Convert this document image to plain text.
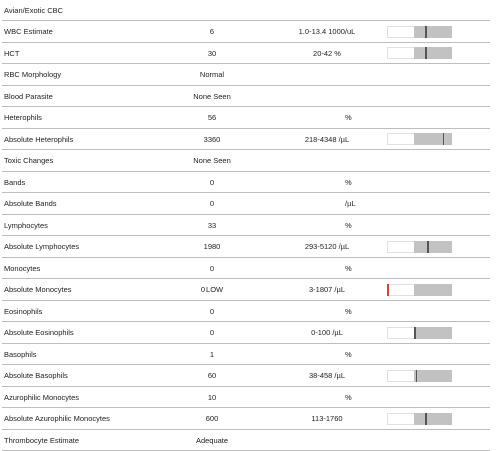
Avian/Exotic CBC
WBC Estimate	6	1.0-13.4 1000/uL
HCT	30	20-42 %
RBC Morphology	Normal
Blood Parasite	None Seen
Heterophils	56	%
Absolute Heterophils	3360	218-4348 /µL
Toxic Changes	None Seen
Bands	0	%
Absolute Bands	0	/µL
Lymphocytes	33	%
Absolute Lymphocytes	1980	293-5120 /µL
Monocytes	0	%
Absolute Monocytes	0 LOW	3-1807 /µL
Eosinophils	0	%
Absolute Eosinophils	0	0-100 /µL
Basophils	1	%
Absolute Basophils	60	38-458 /µL
Azurophilic Monocytes	10	%
Absolute Azurophilic Monocytes	600	113-1760
Thrombocyte Estimate	Adequate
